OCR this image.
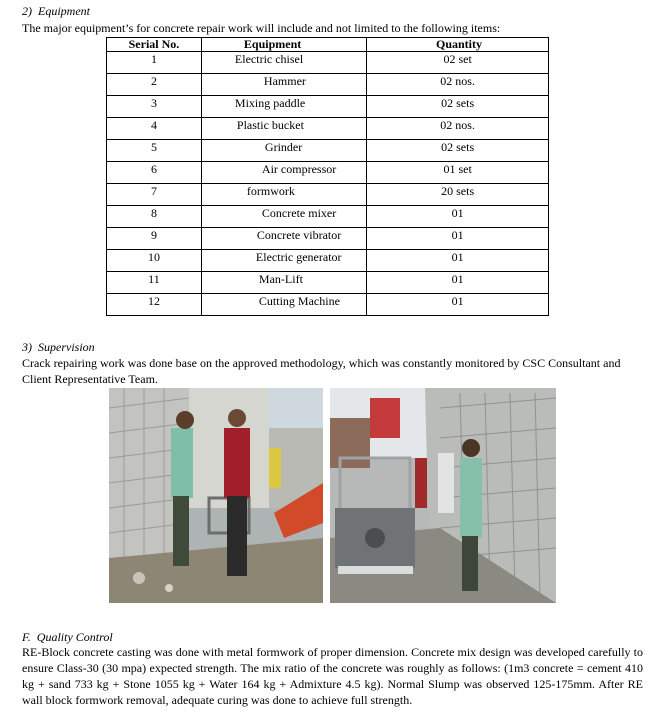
2)  Equipment
The major equipment’s for concrete repair work will include and not limited to the following items:
Serial No.	Equipment	Quantity
1	Electric chisel	02 set
2	Hammer	02 nos.
3	Mixing paddle	02 sets
4	Plastic bucket	02 nos.
5	Grinder	02 sets
6	Air compressor	01 set
7	formwork	20 sets
8	Concrete mixer	01
9	Concrete vibrator	01
10	Electric generator	01
11	Man-Lift	01
12	Cutting Machine	01
3)  Supervision
Crack repairing work was done base on the approved methodology, which was constantly monitored by CSC Consultant and Client Representative Team.
F.  Quality Control
RE-Block concrete casting was done with metal formwork of proper dimension. Concrete mix design was developed carefully to ensure Class-30 (30 mpa) expected strength. The mix ratio of the concrete was roughly as follows: (1m3 concrete = cement 410 kg + sand 733 kg + Stone 1055 kg + Water 164 kg + Admixture 4.5 kg). Normal Slump was observed 125-175mm. After RE wall block formwork removal, adequate curing was done to achieve full strength.
